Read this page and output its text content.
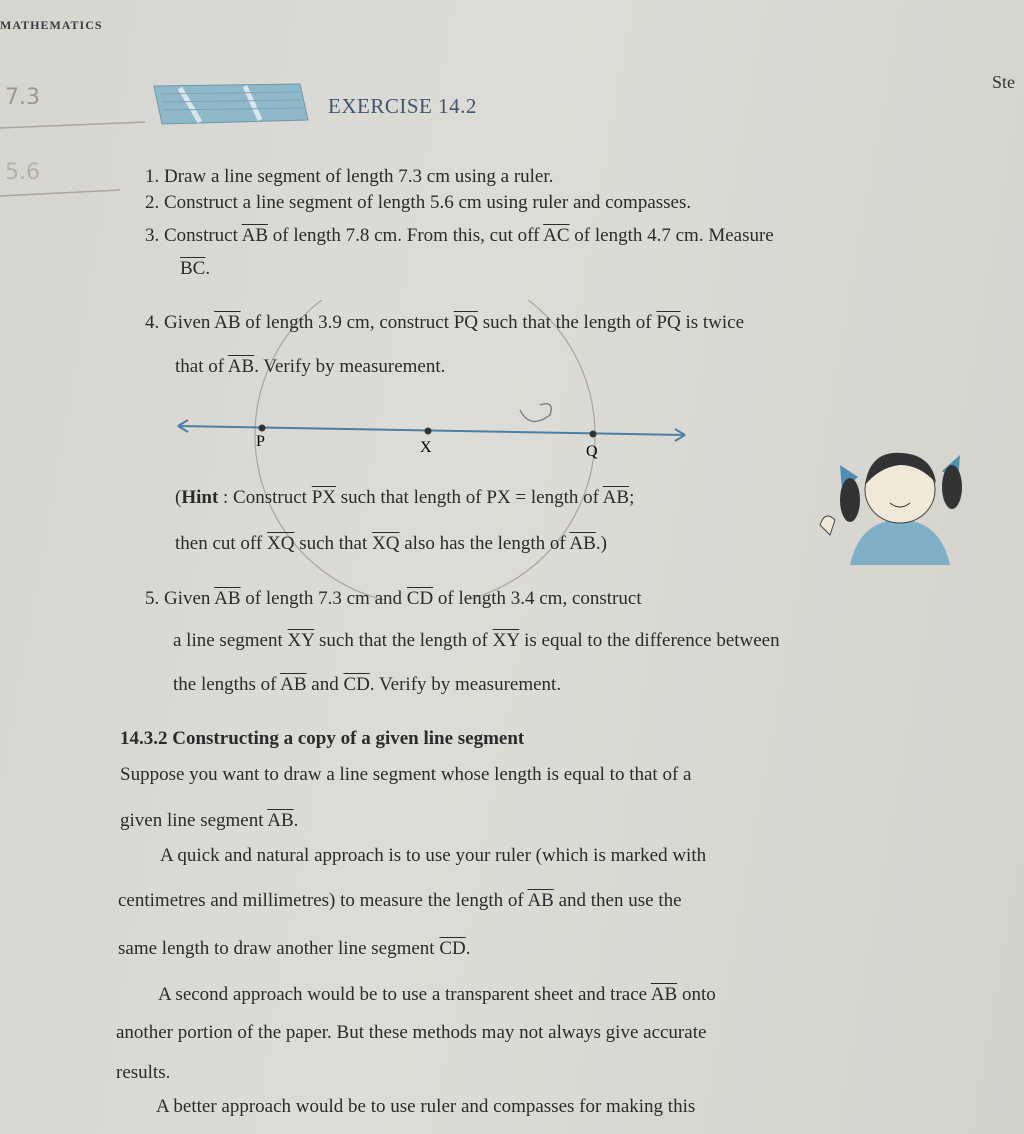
MATHEMATICS
EXERCISE 14.2
7.3
5.6
Ste
P	X	Q
1. Draw a line segment of length 7.3 cm using a ruler.
2. Construct a line segment of length 5.6 cm using ruler and compasses.
3. Construct $\overline{AB}$ of length 7.8 cm. From this, cut off $\overline{AC}$ of length 4.7 cm. Measure
$\overline{BC}$.
4. Given $\overline{AB}$ of length 3.9 cm, construct $\overline{PQ}$ such that the length of $\overline{PQ}$ is twice
that of $\overline{AB}$. Verify by measurement.
(Hint : Construct $\overline{PX}$ such that length of PX = length of $\overline{AB}$;
then cut off $\overline{XQ}$ such that $\overline{XQ}$ also has the length of $\overline{AB}$.)
5. Given $\overline{AB}$ of length 7.3 cm and $\overline{CD}$ of length 3.4 cm, construct
a line segment $\overline{XY}$ such that the length of $\overline{XY}$ is equal to the difference between
the lengths of $\overline{AB}$ and $\overline{CD}$. Verify by measurement.
14.3.2 Constructing a copy of a given line segment
Suppose you want to draw a line segment whose length is equal to that of a
given line segment $\overline{AB}$.
A quick and natural approach is to use your ruler (which is marked with
centimetres and millimetres) to measure the length of $\overline{AB}$ and then use the
same length to draw another line segment $\overline{CD}$.
A second approach would be to use a transparent sheet and trace $\overline{AB}$ onto
another portion of the paper. But these methods may not always give accurate
results.
A better approach would be to use ruler and compasses for making this
